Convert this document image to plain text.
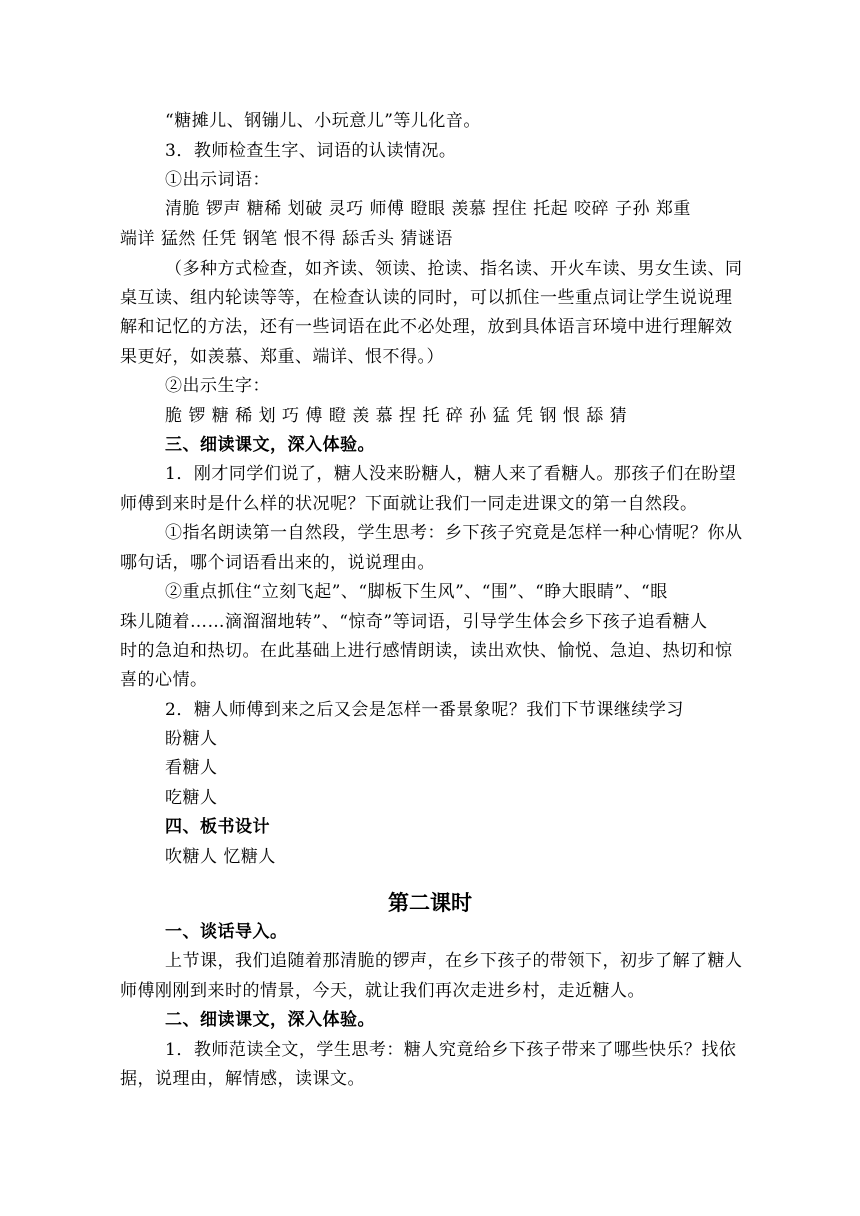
“糖摊儿、钢镚儿、小玩意儿”等儿化音。
3．教师检查生字、词语的认读情况。
①出示词语：
清脆 锣声 糖稀 划破 灵巧 师傅 瞪眼 羡慕 捏住 托起 咬碎 子孙 郑重
端详 猛然 任凭 钢笔 恨不得 舔舌头 猜谜语
（多种方式检查，如齐读、领读、抢读、指名读、开火车读、男女生读、同
桌互读、组内轮读等等，在检查认读的同时，可以抓住一些重点词让学生说说理
解和记忆的方法，还有一些词语在此不必处理，放到具体语言环境中进行理解效
果更好，如羡慕、郑重、端详、恨不得。）
②出示生字：
脆 锣 糖 稀 划 巧 傅 瞪 羡 慕 捏 托 碎 孙 猛 凭 钢 恨 舔 猜
三、细读课文，深入体验。
1．刚才同学们说了，糖人没来盼糖人，糖人来了看糖人。那孩子们在盼望
师傅到来时是什么样的状况呢？下面就让我们一同走进课文的第一自然段。
①指名朗读第一自然段，学生思考：乡下孩子究竟是怎样一种心情呢？你从
哪句话，哪个词语看出来的，说说理由。
②重点抓住“立刻飞起”、“脚板下生风”、“围”、“睁大眼睛”、“眼
珠儿随着……滴溜溜地转”、“惊奇”等词语，引导学生体会乡下孩子追看糖人
时的急迫和热切。在此基础上进行感情朗读，读出欢快、愉悦、急迫、热切和惊
喜的心情。
2．糖人师傅到来之后又会是怎样一番景象呢？我们下节课继续学习
盼糖人
看糖人
吃糖人
四、板书设计
吹糖人 忆糖人
第二课时
一、谈话导入。
上节课，我们追随着那清脆的锣声，在乡下孩子的带领下，初步了解了糖人
师傅刚刚到来时的情景，今天，就让我们再次走进乡村，走近糖人。
二、细读课文，深入体验。
1．教师范读全文，学生思考：糖人究竟给乡下孩子带来了哪些快乐？找依
据，说理由，解情感，读课文。
